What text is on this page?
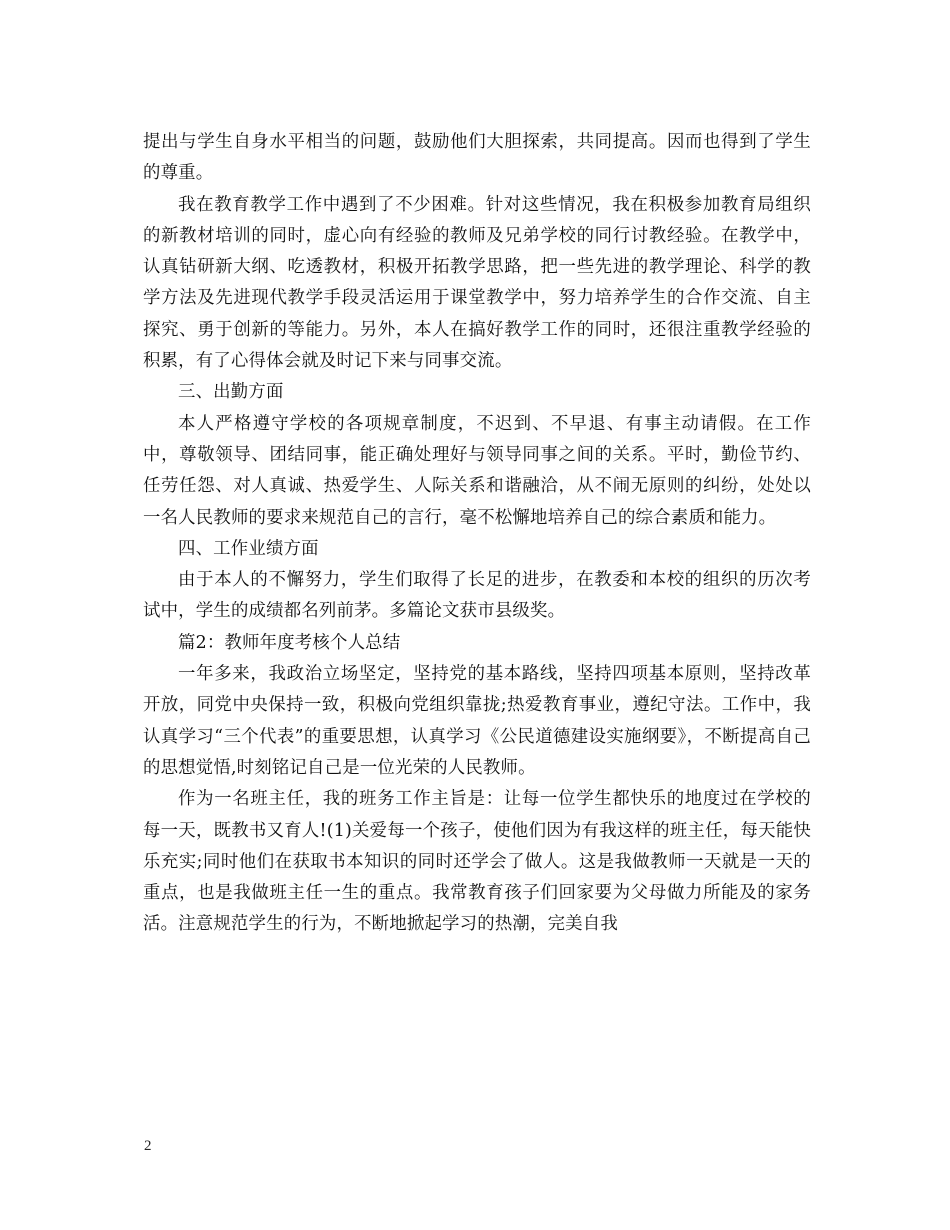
提出与学生自身水平相当的问题，鼓励他们大胆探索，共同提高。因而也得到了学生的尊重。

我在教育教学工作中遇到了不少困难。针对这些情况，我在积极参加教育局组织的新教材培训的同时，虚心向有经验的教师及兄弟学校的同行讨教经验。在教学中，认真钻研新大纲、吃透教材，积极开拓教学思路，把一些先进的教学理论、科学的教学方法及先进现代教学手段灵活运用于课堂教学中，努力培养学生的合作交流、自主探究、勇于创新的等能力。另外，本人在搞好教学工作的同时，还很注重教学经验的积累，有了心得体会就及时记下来与同事交流。

三、出勤方面

本人严格遵守学校的各项规章制度，不迟到、不早退、有事主动请假。在工作中，尊敬领导、团结同事，能正确处理好与领导同事之间的关系。平时，勤俭节约、任劳任怨、对人真诚、热爱学生、人际关系和谐融洽，从不闹无原则的纠纷，处处以一名人民教师的要求来规范自己的言行，毫不松懈地培养自己的综合素质和能力。

四、工作业绩方面

由于本人的不懈努力，学生们取得了长足的进步，在教委和本校的组织的历次考试中，学生的成绩都名列前茅。多篇论文获市县级奖。

篇2：教师年度考核个人总结

一年多来，我政治立场坚定，坚持党的基本路线，坚持四项基本原则，坚持改革开放，同党中央保持一致，积极向党组织靠拢;热爱教育事业，遵纪守法。工作中，我认真学习“三个代表”的重要思想，认真学习《公民道德建设实施纲要》，不断提高自己的思想觉悟,时刻铭记自己是一位光荣的人民教师。

作为一名班主任，我的班务工作主旨是：让每一位学生都快乐的地度过在学校的每一天，既教书又育人!(1)关爱每一个孩子，使他们因为有我这样的班主任，每天能快乐充实;同时他们在获取书本知识的同时还学会了做人。这是我做教师一天就是一天的重点，也是我做班主任一生的重点。我常教育孩子们回家要为父母做力所能及的家务活。注意规范学生的行为，不断地掀起学习的热潮，完美自我

2
